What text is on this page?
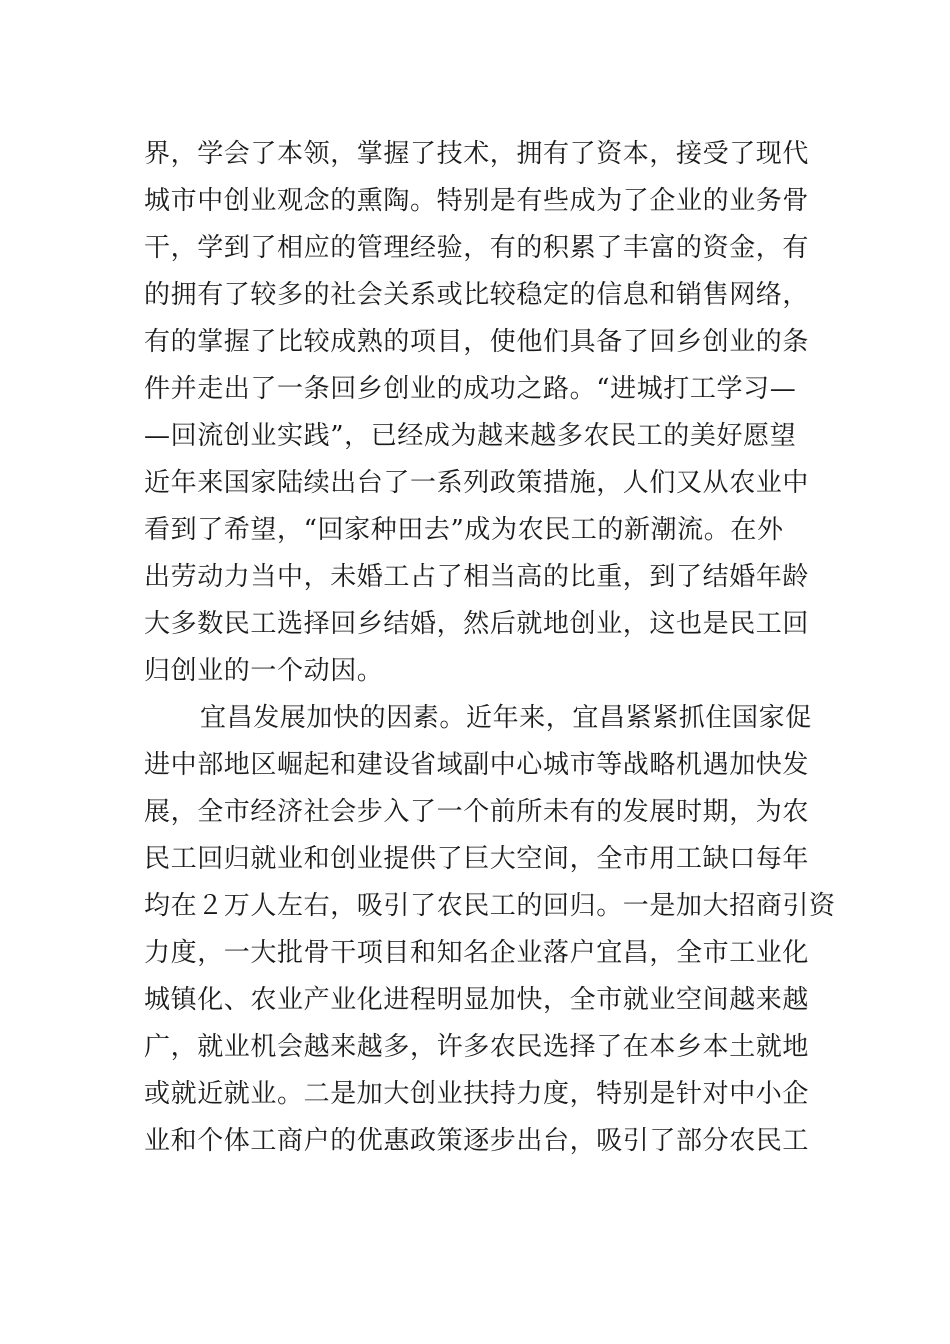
界，学会了本领，掌握了技术，拥有了资本，接受了现代
城市中创业观念的熏陶。特别是有些成为了企业的业务骨
干，学到了相应的管理经验，有的积累了丰富的资金，有
的拥有了较多的社会关系或比较稳定的信息和销售网络，
有的掌握了比较成熟的项目，使他们具备了回乡创业的条
件并走出了一条回乡创业的成功之路。“进城打工学习—
—回流创业实践”，已经成为越来越多农民工的美好愿望
近年来国家陆续出台了一系列政策措施，人们又从农业中
看到了希望，“回家种田去”成为农民工的新潮流。在外
出劳动力当中，未婚工占了相当高的比重，到了结婚年龄
大多数民工选择回乡结婚，然后就地创业，这也是民工回
归创业的一个动因。
宜昌发展加快的因素。近年来，宜昌紧紧抓住国家促
进中部地区崛起和建设省域副中心城市等战略机遇加快发
展，全市经济社会步入了一个前所未有的发展时期，为农
民工回归就业和创业提供了巨大空间，全市用工缺口每年
均在２万人左右，吸引了农民工的回归。一是加大招商引资
力度，一大批骨干项目和知名企业落户宜昌，全市工业化
城镇化、农业产业化进程明显加快，全市就业空间越来越
广，就业机会越来越多，许多农民选择了在本乡本土就地
或就近就业。二是加大创业扶持力度，特别是针对中小企
业和个体工商户的优惠政策逐步出台，吸引了部分农民工
